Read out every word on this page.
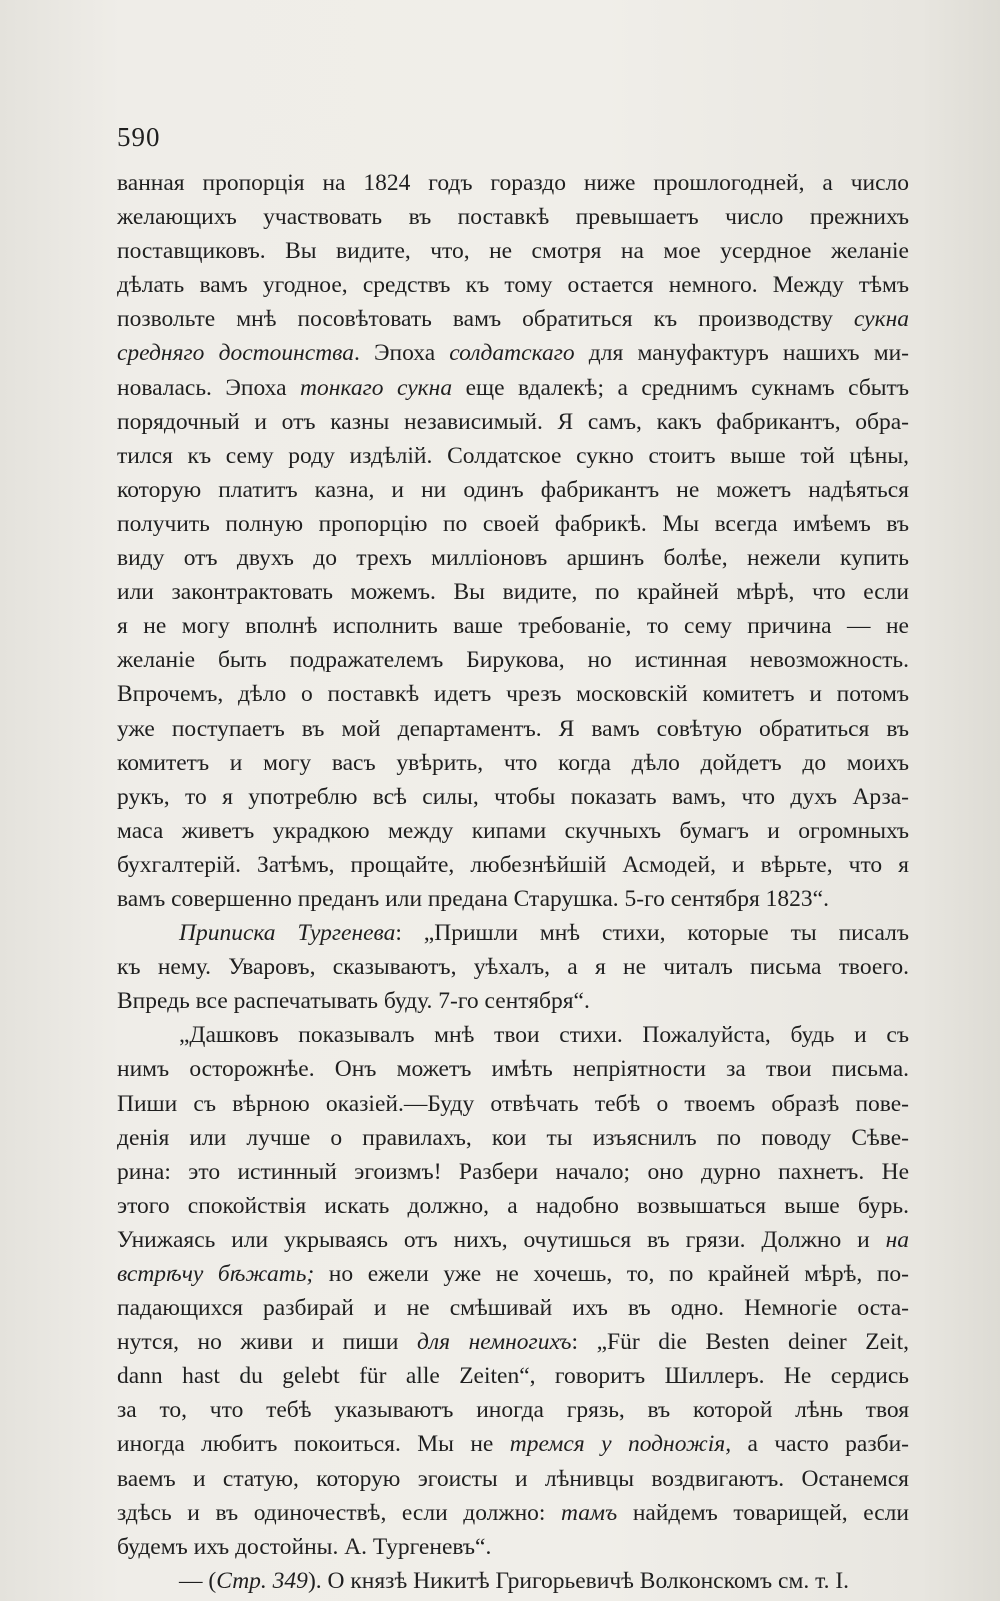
590

ванная пропорція на 1824 годъ гораздо ниже прошлогодней, а число

желающихъ участвовать въ поставкѣ превышаетъ число прежнихъ

поставщиковъ. Вы видите, что, не смотря на мое усердное желаніе

дѣлать вамъ угодное, средствъ къ тому остается немного. Между тѣмъ

позвольте мнѣ посовѣтовать вамъ обратиться къ производству сукна

средняго достоинства. Эпоха солдатскаго для мануфактуръ нашихъ ми-

новалась. Эпоха тонкаго сукна еще вдалекѣ; а среднимъ сукнамъ сбытъ

порядочный и отъ казны независимый. Я самъ, какъ фабрикантъ, обра-

тился къ сему роду издѣлій. Солдатское сукно стоитъ выше той цѣны,

которую платитъ казна, и ни одинъ фабрикантъ не можетъ надѣяться

получить полную пропорцію по своей фабрикѣ. Мы всегда имѣемъ въ

виду отъ двухъ до трехъ милліоновъ аршинъ болѣе, нежели купить

или законтрактовать можемъ. Вы видите, по крайней мѣрѣ, что если

я не могу вполнѣ исполнить ваше требованіе, то сему причина — не

желаніе быть подражателемъ Бирукова, но истинная невозможность.

Впрочемъ, дѣло о поставкѣ идетъ чрезъ московскій комитетъ и потомъ

уже поступаетъ въ мой департаментъ. Я вамъ совѣтую обратиться въ

комитетъ и могу васъ увѣрить, что когда дѣло дойдетъ до моихъ

рукъ, то я употреблю всѣ силы, чтобы показать вамъ, что духъ Арза-

маса живетъ украдкою между кипами скучныхъ бумагъ и огромныхъ

бухгалтерій. Затѣмъ, прощайте, любезнѣйшій Асмодей, и вѣрьте, что я

вамъ совершенно преданъ или предана Старушка. 5-го сентября 1823“.

Приписка Тургенева: „Пришли мнѣ стихи, которые ты писалъ

къ нему. Уваровъ, сказываютъ, уѣхалъ, а я не читалъ письма твоего.

Впредь все распечатывать буду. 7-го сентября“.

„Дашковъ показывалъ мнѣ твои стихи. Пожалуйста, будь и съ

нимъ осторожнѣе. Онъ можетъ имѣть непріятности за твои письма.

Пиши съ вѣрною оказіей.—Буду отвѣчать тебѣ о твоемъ образѣ пове-

денія или лучше о правилахъ, кои ты изъяснилъ по поводу Сѣве-

рина: это истинный эгоизмъ! Разбери начало; оно дурно пахнетъ. Не

этого спокойствія искать должно, а надобно возвышаться выше бурь.

Унижаясь или укрываясь отъ нихъ, очутишься въ грязи. Должно и на

встрѣчу бѣжать; но ежели уже не хочешь, то, по крайней мѣрѣ, по-

падающихся разбирай и не смѣшивай ихъ въ одно. Немногіе оста-

нутся, но живи и пиши для немногихъ: „Für die Besten deiner Zeit,

dann hast du gelebt für alle Zeiten“, говоритъ Шиллеръ. Не сердись

за то, что тебѣ указываютъ иногда грязь, въ которой лѣнь твоя

иногда любитъ покоиться. Мы не тремся у подножія, а часто разби-

ваемъ и статую, которую эгоисты и лѣнивцы воздвигаютъ. Останемся

здѣсь и въ одиночествѣ, если должно: тамъ найдемъ товарищей, если

будемъ ихъ достойны. А. Тургеневъ“.

— (Стр. 349). О князѣ Никитѣ Григорьевичѣ Волконскомъ см. т. I.
